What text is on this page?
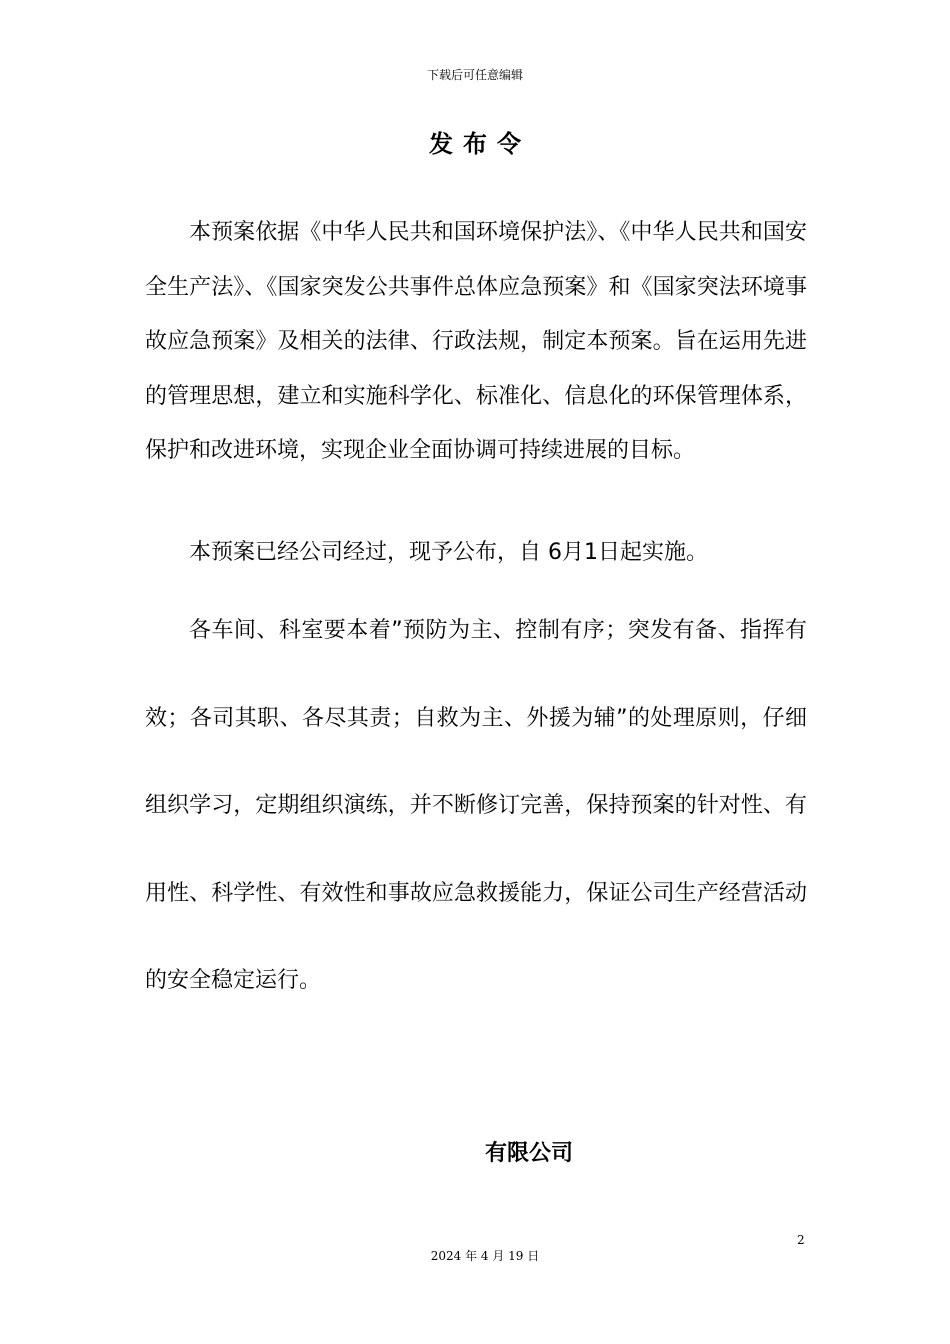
下载后可任意编辑
发布令
本预案依据《中华人民共和国环境保护法》、《中华人民共和国安全生产法》、《国家突发公共事件总体应急预案》和《国家突法环境事故应急预案》及相关的法律、行政法规，制定本预案。旨在运用先进的管理思想，建立和实施科学化、标准化、信息化的环保管理体系，保护和改进环境，实现企业全面协调可持续进展的目标。
本预案已经公司经过，现予公布，自 6月1日起实施。
各车间、科室要本着”预防为主、控制有序；突发有备、指挥有效；各司其职、各尽其责；自救为主、外援为辅”的处理原则，仔细组织学习，定期组织演练，并不断修订完善，保持预案的针对性、有用性、科学性、有效性和事故应急救援能力，保证公司生产经营活动的安全稳定运行。
有限公司
2
2024 年 4 月 19 日
